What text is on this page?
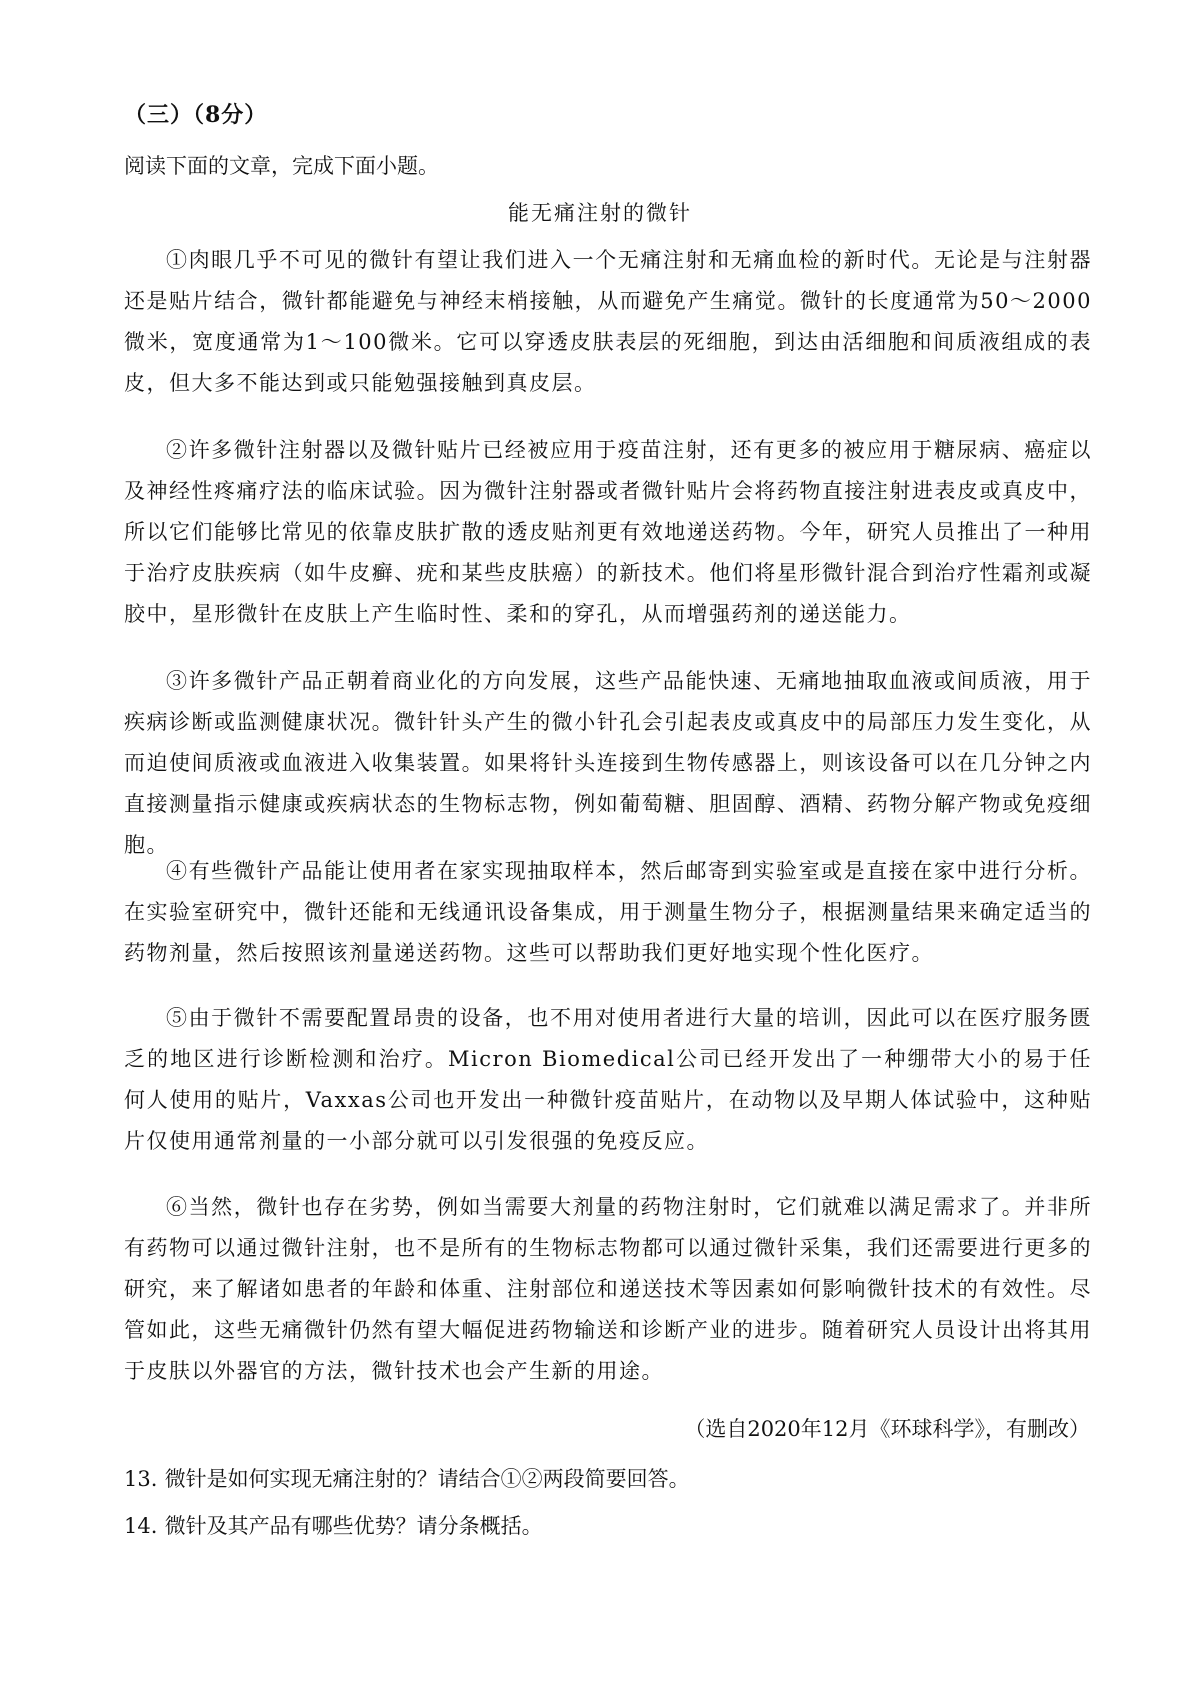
（三）（8分）
阅读下面的文章，完成下面小题。
能无痛注射的微针

①肉眼几乎不可见的微针有望让我们进入一个无痛注射和无痛血检的新时代。无论是与注射器还是贴片结合，微针都能避免与神经末梢接触，从而避免产生痛觉。微针的长度通常为50～2000微米，宽度通常为1～100微米。它可以穿透皮肤表层的死细胞，到达由活细胞和间质液组成的表皮，但大多不能达到或只能勉强接触到真皮层。

②许多微针注射器以及微针贴片已经被应用于疫苗注射，还有更多的被应用于糖尿病、癌症以及神经性疼痛疗法的临床试验。因为微针注射器或者微针贴片会将药物直接注射进表皮或真皮中，所以它们能够比常见的依靠皮肤扩散的透皮贴剂更有效地递送药物。今年，研究人员推出了一种用于治疗皮肤疾病（如牛皮癣、疣和某些皮肤癌）的新技术。他们将星形微针混合到治疗性霜剂或凝胶中，星形微针在皮肤上产生临时性、柔和的穿孔，从而增强药剂的递送能力。

③许多微针产品正朝着商业化的方向发展，这些产品能快速、无痛地抽取血液或间质液，用于疾病诊断或监测健康状况。微针针头产生的微小针孔会引起表皮或真皮中的局部压力发生变化，从而迫使间质液或血液进入收集装置。如果将针头连接到生物传感器上，则该设备可以在几分钟之内直接测量指示健康或疾病状态的生物标志物，例如葡萄糖、胆固醇、酒精、药物分解产物或免疫细胞。

④有些微针产品能让使用者在家实现抽取样本，然后邮寄到实验室或是直接在家中进行分析。在实验室研究中，微针还能和无线通讯设备集成，用于测量生物分子，根据测量结果来确定适当的药物剂量，然后按照该剂量递送药物。这些可以帮助我们更好地实现个性化医疗。

⑤由于微针不需要配置昂贵的设备，也不用对使用者进行大量的培训，因此可以在医疗服务匮乏的地区进行诊断检测和治疗。Micron Biomedical公司已经开发出了一种绷带大小的易于任何人使用的贴片，Vaxxas公司也开发出一种微针疫苗贴片，在动物以及早期人体试验中，这种贴片仅使用通常剂量的一小部分就可以引发很强的免疫反应。

⑥当然，微针也存在劣势，例如当需要大剂量的药物注射时，它们就难以满足需求了。并非所有药物可以通过微针注射，也不是所有的生物标志物都可以通过微针采集，我们还需要进行更多的研究，来了解诸如患者的年龄和体重、注射部位和递送技术等因素如何影响微针技术的有效性。尽管如此，这些无痛微针仍然有望大幅促进药物输送和诊断产业的进步。随着研究人员设计出将其用于皮肤以外器官的方法，微针技术也会产生新的用途。

（选自2020年12月《环球科学》，有删改）
13. 微针是如何实现无痛注射的？请结合①②两段简要回答。
14. 微针及其产品有哪些优势？请分条概括。
